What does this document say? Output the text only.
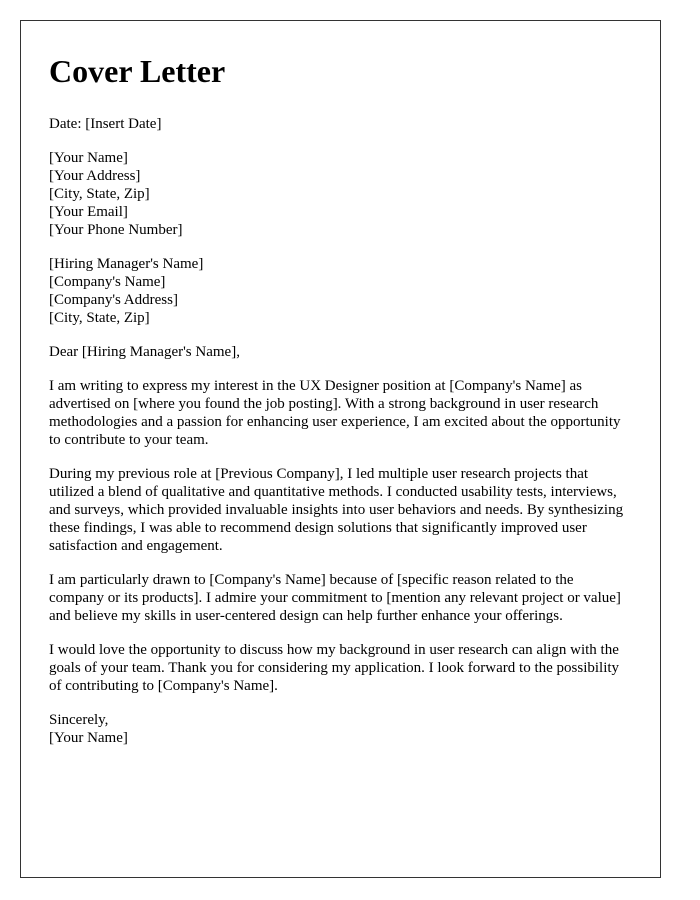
Cover Letter

Date: [Insert Date]

[Your Name]
[Your Address]
[City, State, Zip]
[Your Email]
[Your Phone Number]
[Hiring Manager's Name]
[Company's Name]
[Company's Address]
[City, State, Zip]

Dear [Hiring Manager's Name],

I am writing to express my interest in the UX Designer position at [Company's Name] as advertised on [where you found the job posting]. With a strong background in user research methodologies and a passion for enhancing user experience, I am excited about the opportunity to contribute to your team.

During my previous role at [Previous Company], I led multiple user research projects that utilized a blend of qualitative and quantitative methods. I conducted usability tests, interviews, and surveys, which provided invaluable insights into user behaviors and needs. By synthesizing these findings, I was able to recommend design solutions that significantly improved user satisfaction and engagement.

I am particularly drawn to [Company's Name] because of [specific reason related to the company or its products]. I admire your commitment to [mention any relevant project or value] and believe my skills in user-centered design can help further enhance your offerings.

I would love the opportunity to discuss how my background in user research can align with the goals of your team. Thank you for considering my application. I look forward to the possibility of contributing to [Company's Name].

Sincerely,
[Your Name]
